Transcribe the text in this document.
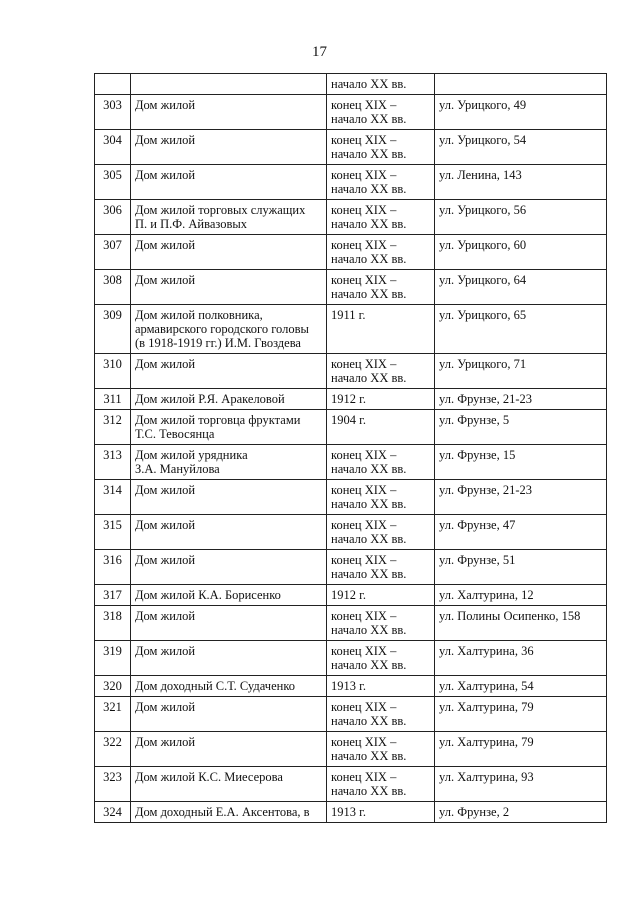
17
		начало XX вв.	
303	Дом жилой	конец XIX –
начало XX вв.	ул. Урицкого, 49
304	Дом жилой	конец XIX –
начало XX вв.	ул. Урицкого, 54
305	Дом жилой	конец XIX –
начало XX вв.	ул. Ленина, 143
306	Дом жилой торговых служащих
П. и П.Ф. Айвазовых	конец XIX –
начало XX вв.	ул. Урицкого, 56
307	Дом жилой	конец XIX –
начало XX вв.	ул. Урицкого, 60
308	Дом жилой	конец XIX –
начало XX вв.	ул. Урицкого, 64
309	Дом жилой полковника,
армавирского городского головы
(в 1918-1919 гг.) И.М. Гвоздева	1911 г.	ул. Урицкого, 65
310	Дом жилой	конец XIX –
начало XX вв.	ул. Урицкого, 71
311	Дом жилой Р.Я. Аракеловой	1912 г.	ул. Фрунзе, 21-23
312	Дом жилой торговца фруктами
Т.С. Тевосянца	1904 г.	ул. Фрунзе, 5
313	Дом жилой урядника
З.А. Мануйлова	конец XIX –
начало XX вв.	ул. Фрунзе, 15
314	Дом жилой	конец XIX –
начало XX вв.	ул. Фрунзе, 21-23
315	Дом жилой	конец XIX –
начало XX вв.	ул. Фрунзе, 47
316	Дом жилой	конец XIX –
начало XX вв.	ул. Фрунзе, 51
317	Дом жилой К.А. Борисенко	1912 г.	ул. Халтурина, 12
318	Дом жилой	конец XIX –
начало XX вв.	ул. Полины Осипенко, 158
319	Дом жилой	конец XIX –
начало XX вв.	ул. Халтурина, 36
320	Дом доходный С.Т. Судаченко	1913 г.	ул. Халтурина, 54
321	Дом жилой	конец XIX –
начало XX вв.	ул. Халтурина, 79
322	Дом жилой	конец XIX –
начало XX вв.	ул. Халтурина, 79
323	Дом жилой К.С. Миесерова	конец XIX –
начало XX вв.	ул. Халтурина, 93
324	Дом доходный Е.А. Аксентова, в	1913 г.	ул. Фрунзе, 2
